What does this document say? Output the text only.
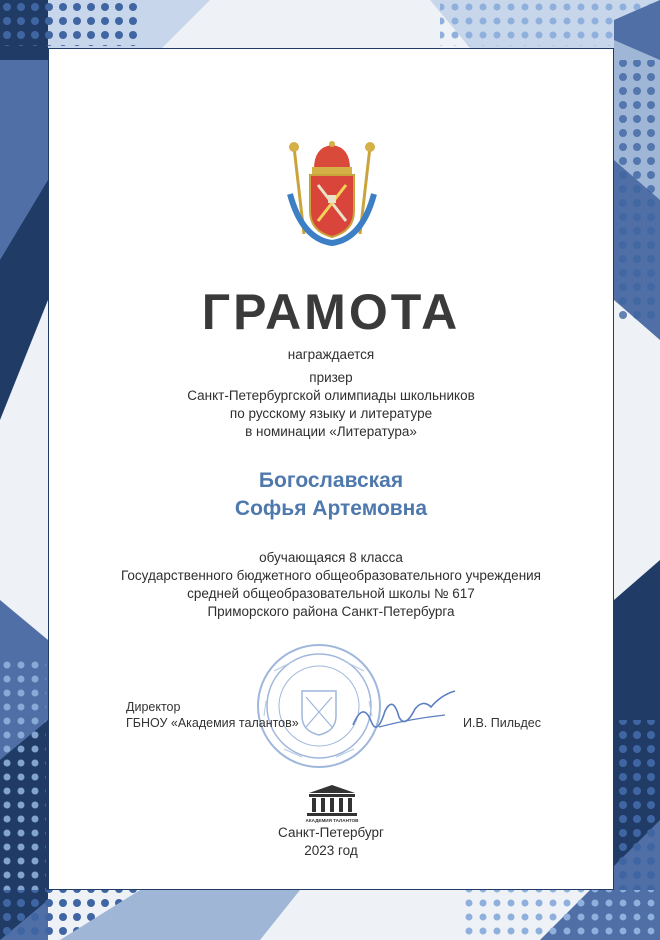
ГРАМОТА
награждается
призер
Санкт-Петербургской олимпиады школьников
по русскому языку и литературе
в номинации «Литература»
Богославская
Софья Артемовна
обучающаяся 8 класса
Государственного бюджетного общеобразовательного учреждения
средней общеобразовательной школы № 617
Приморского района Санкт-Петербурга
Директор
ГБНОУ «Академия талантов»	И.В. Пильдес
АКАДЕМИЯ ТАЛАНТОВ
Санкт-Петербург
2023 год
